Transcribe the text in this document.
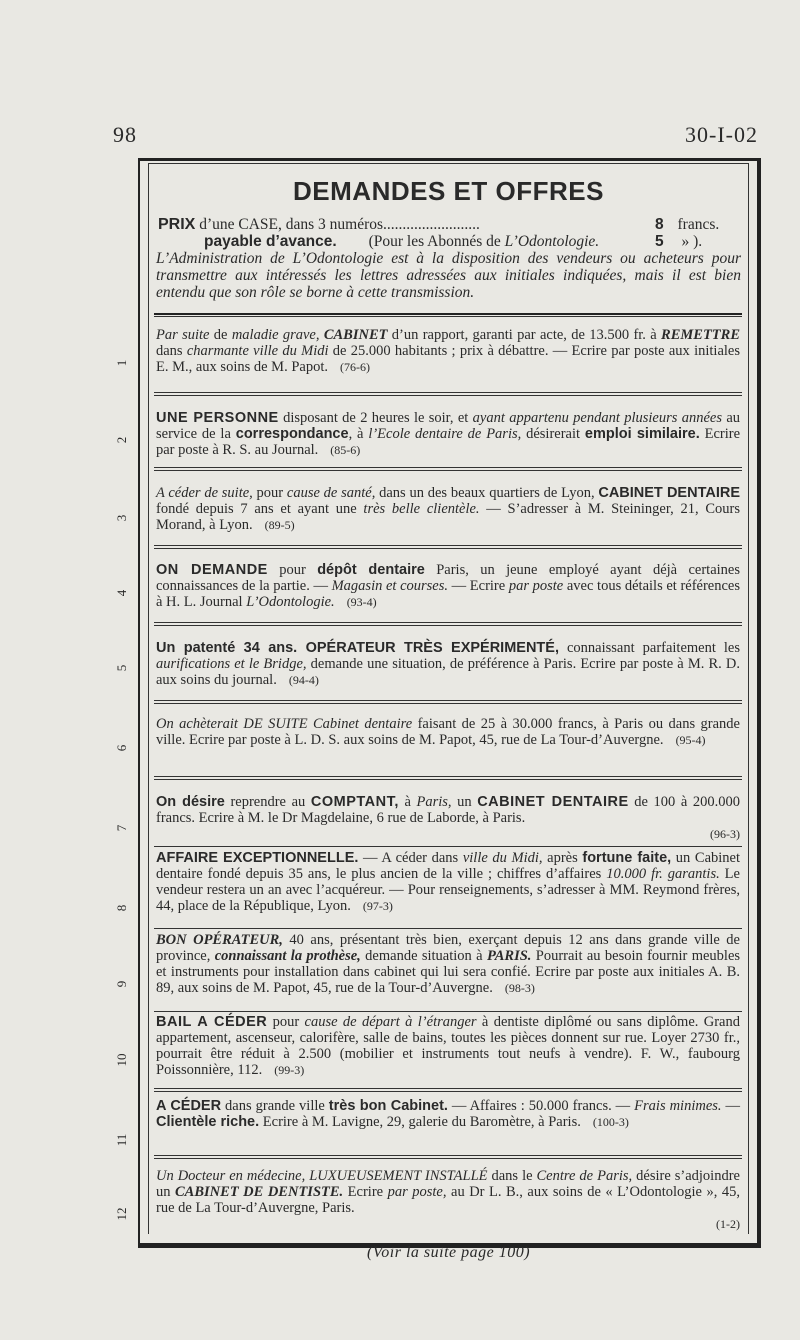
98	30-I-02
DEMANDES ET OFFRES
PRIX d’une CASE, dans 3 numéros.........................	8 francs.
payable d’avance. (Pour les Abonnés de L’Odontologie.	5 » ).
L’Administration de L’Odontologie est à la disposition des vendeurs ou acheteurs pour transmettre aux intéressés les lettres adressées aux initiales indiquées, mais il est bien entendu que son rôle se borne à cette transmission.
Par suite de maladie grave, CABINET d’un rapport, garanti par acte, de 13.500 fr. à REMETTRE dans charmante ville du Midi de 25.000 habitants ; prix à débattre. — Ecrire par poste aux initiales E. M., aux soins de M. Papot. (76-6)
1
UNE PERSONNE disposant de 2 heures le soir, et ayant appartenu pendant plusieurs années au service de la correspondance, à l’Ecole dentaire de Paris, désirerait emploi similaire. Ecrire par poste à R. S. au Journal. (85-6)
2
A céder de suite, pour cause de santé, dans un des beaux quartiers de Lyon, CABINET DENTAIRE fondé depuis 7 ans et ayant une très belle clientèle. — S’adresser à M. Steininger, 21, Cours Morand, à Lyon. (89-5)
3
ON DEMANDE pour dépôt dentaire Paris, un jeune employé ayant déjà certaines connaissances de la partie. — Magasin et courses. — Ecrire par poste avec tous détails et références à H. L. Journal L’Odontologie. (93-4)
4
Un patenté 34 ans. OPÉRATEUR TRÈS EXPÉRIMENTÉ, connaissant parfaitement les aurifications et le Bridge, demande une situation, de préférence à Paris. Ecrire par poste à M. R. D. aux soins du journal. (94-4)
5
On achèterait DE SUITE Cabinet dentaire faisant de 25 à 30.000 francs, à Paris ou dans grande ville. Ecrire par poste à L. D. S. aux soins de M. Papot, 45, rue de La Tour-d’Auvergne. (95-4)
6
On désire reprendre au COMPTANT, à Paris, un CABINET DENTAIRE de 100 à 200.000 francs. Ecrire à M. le Dr Magdelaine, 6 rue de Laborde, à Paris.
(96-3)
7
AFFAIRE EXCEPTIONNELLE. — A céder dans ville du Midi, après fortune faite, un Cabinet dentaire fondé depuis 35 ans, le plus ancien de la ville ; chiffres d’affaires 10.000 fr. garantis. Le vendeur restera un an avec l’acquéreur. — Pour renseignements, s’adresser à MM. Reymond frères, 44, place de la République, Lyon. (97-3)
8
BON OPÉRATEUR, 40 ans, présentant très bien, exerçant depuis 12 ans dans grande ville de province, connaissant la prothèse, demande situation à PARIS. Pourrait au besoin fournir meubles et instruments pour installation dans cabinet qui lui sera confié. Ecrire par poste aux initiales A. B. 89, aux soins de M. Papot, 45, rue de la Tour-d’Auvergne. (98-3)
9
BAIL A CÉDER pour cause de départ à l’étranger à dentiste diplômé ou sans diplôme. Grand appartement, ascenseur, calorifère, salle de bains, toutes les pièces donnent sur rue. Loyer 2730 fr., pourrait être réduit à 2.500 (mobilier et instruments tout neufs à vendre). F. W., faubourg Poissonnière, 112. (99-3)
10
A CÉDER dans grande ville très bon Cabinet. — Affaires : 50.000 francs. — Frais minimes. — Clientèle riche. Ecrire à M. Lavigne, 29, galerie du Baromètre, à Paris. (100-3)
11
Un Docteur en médecine, LUXUEUSEMENT INSTALLÉ dans le Centre de Paris, désire s’adjoindre un CABINET DE DENTISTE. Ecrire par poste, au Dr L. B., aux soins de « L’Odontologie », 45, rue de La Tour-d’Auvergne, Paris.
(1-2)
12
(Voir la suite page 100)
